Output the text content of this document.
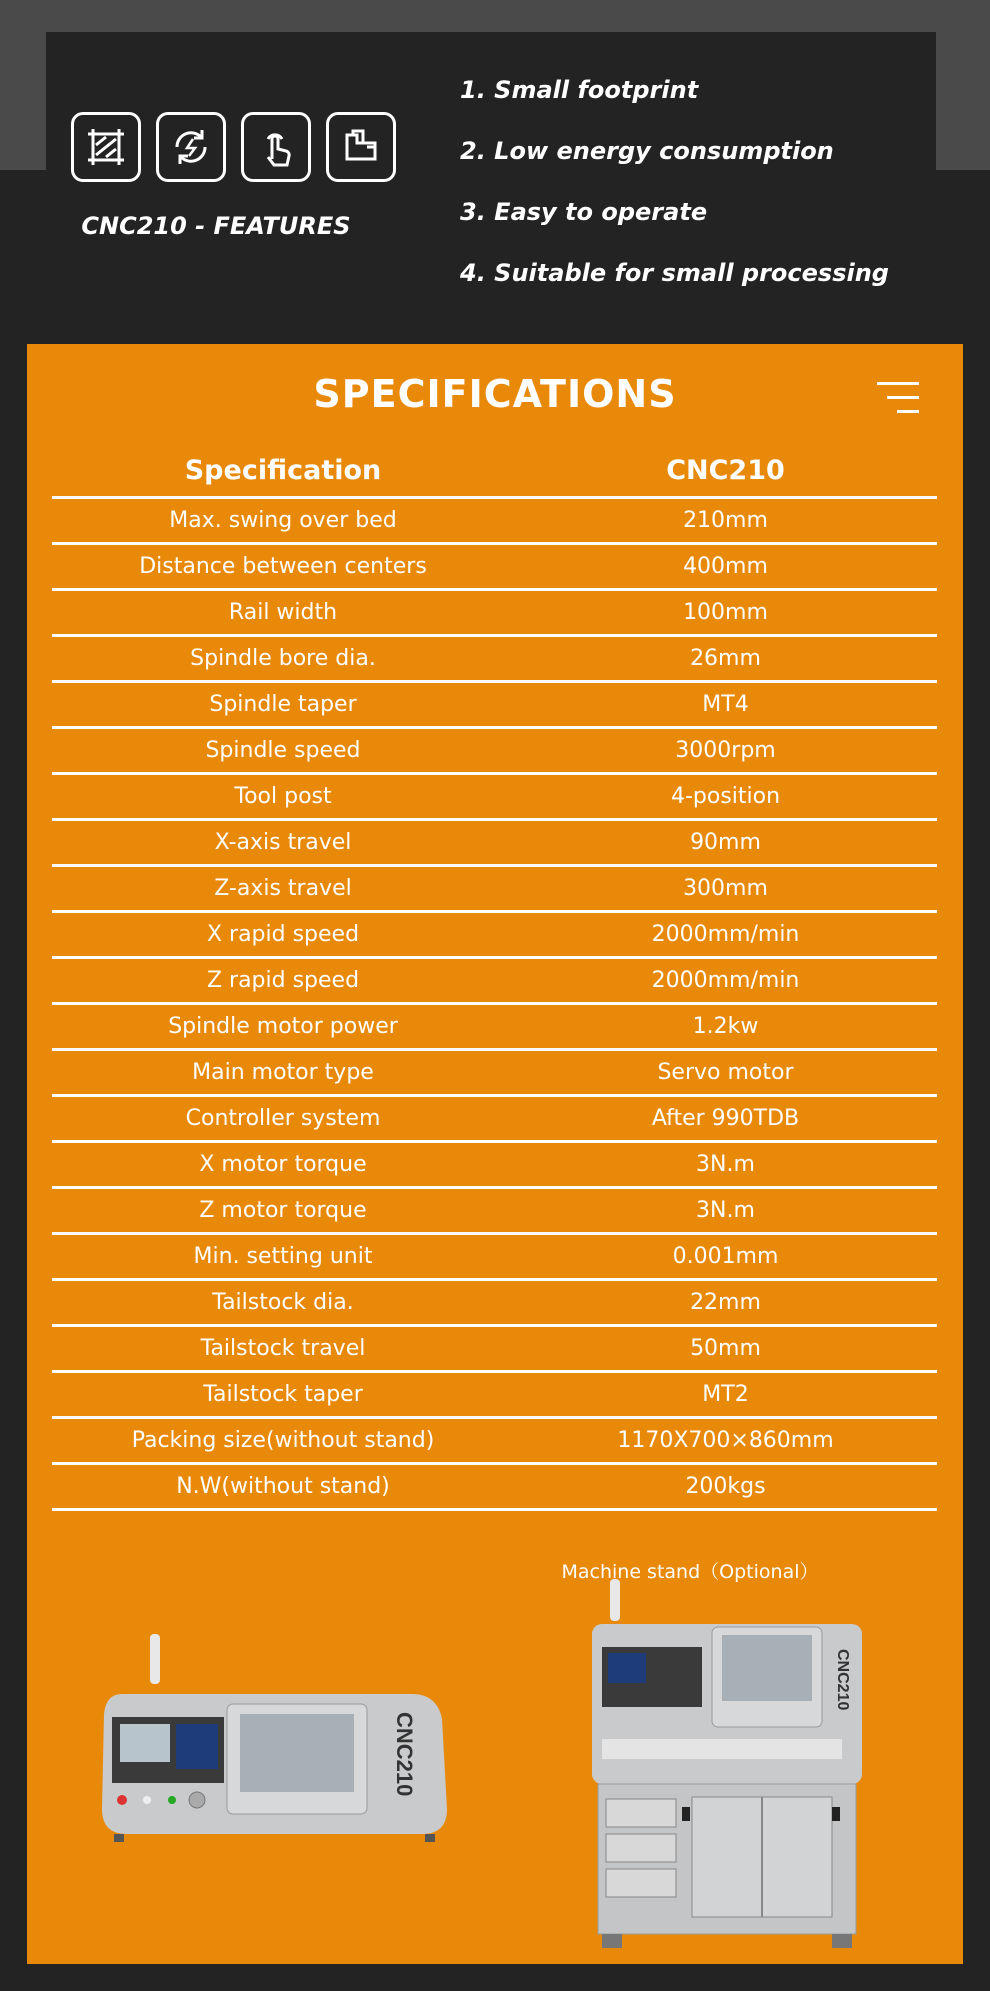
CNC210 - FEATURES
1. Small footprint
2. Low energy consumption
3. Easy to operate
4. Suitable for small processing
SPECIFICATIONS
Specification	CNC210
Max. swing over bed	210mm
Distance between centers	400mm
Rail width	100mm
Spindle bore dia.	26mm
Spindle taper	MT4
Spindle speed	3000rpm
Tool post	4-position
X-axis travel	90mm
Z-axis travel	300mm
X rapid speed	2000mm/min
Z rapid speed	2000mm/min
Spindle motor power	1.2kw
Main motor type	Servo motor
Controller system	After 990TDB
X motor torque	3N.m
Z motor torque	3N.m
Min. setting unit	0.001mm
Tailstock dia.	22mm
Tailstock travel	50mm
Tailstock taper	MT2
Packing size(without stand)	1170X700×860mm
N.W(without stand)	200kgs
CNC210
CNC210
Machine stand（Optional）
